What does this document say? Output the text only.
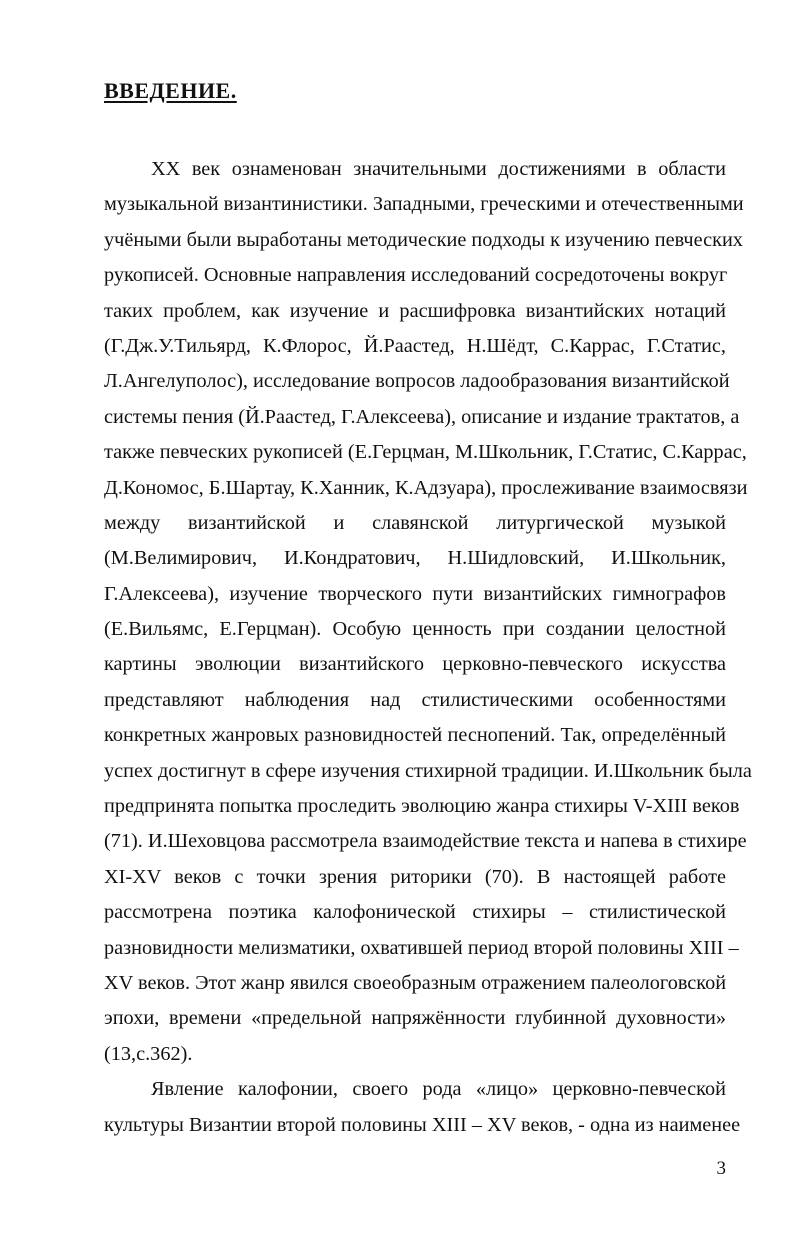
ВВЕДЕНИЕ.

XX век ознаменован значительными достижениями в области
музыкальной византинистики. Западными, греческими и отечественными
учёными были выработаны методические подходы к изучению певческих
рукописей. Основные направления исследований сосредоточены вокруг
таких проблем, как изучение и расшифровка византийских нотаций
(Г.Дж.У.Тильярд, К.Флорос, Й.Раастед, Н.Шёдт, С.Каррас, Г.Статис,
Л.Ангелуполос), исследование вопросов ладообразования византийской
системы пения (Й.Раастед, Г.Алексеева), описание и издание трактатов, а
также певческих рукописей (Е.Герцман, М.Школьник, Г.Статис, С.Каррас,
Д.Кономос, Б.Шартау, К.Ханник, К.Адзуара), прослеживание взаимосвязи
между византийской и славянской литургической музыкой
(М.Велимирович, И.Кондратович, Н.Шидловский, И.Школьник,
Г.Алексеева), изучение творческого пути византийских гимнографов
(Е.Вильямс, Е.Герцман). Особую ценность при создании целостной
картины эволюции византийского церковно-певческого искусства
представляют наблюдения над стилистическими особенностями
конкретных жанровых разновидностей песнопений. Так, определённый
успех достигнут в сфере изучения стихирной традиции. И.Школьник была
предпринята попытка проследить эволюцию жанра стихиры V-XIII веков
(71). И.Шеховцова рассмотрела взаимодействие текста и напева в стихире
XI-XV веков с точки зрения риторики (70). В настоящей работе
рассмотрена поэтика калофонической стихиры – стилистической
разновидности мелизматики, охватившей период второй половины XIII –
XV веков. Этот жанр явился своеобразным отражением палеологовской
эпохи, времени «предельной напряжённости глубинной духовности»
(13,с.362).

Явление калофонии, своего рода «лицо» церковно-певческой
культуры Византии второй половины XIII – XV веков, - одна из наименее

3
